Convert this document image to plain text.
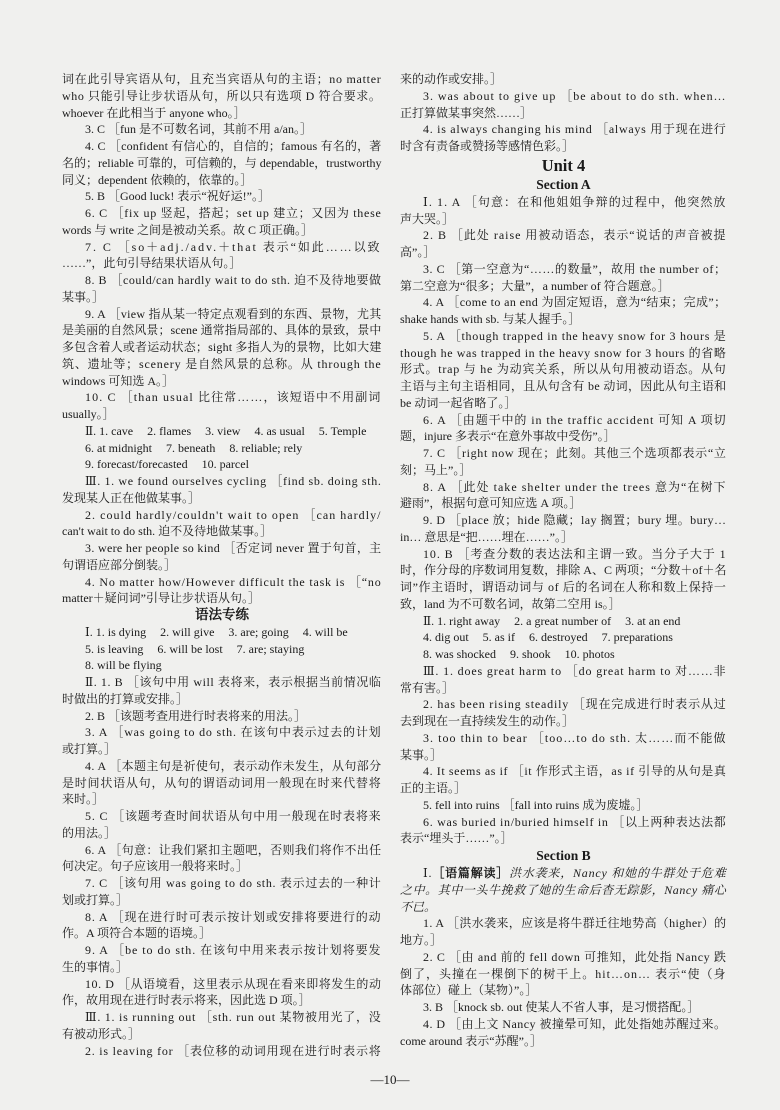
词在此引导宾语从句，且充当宾语从句的主语；no matter
who 只能引导让步状语从句，所以只有选项 D 符合要求。
whoever 在此相当于 anyone who。］
3. C ［fun 是不可数名词，其前不用 a/an。］
4. C ［confident 有信心的，自信的；famous 有名的，著
名的；reliable 可靠的，可信赖的，与 dependable，trustworthy
同义；dependent 依赖的，依靠的。］
5. B ［Good luck! 表示“祝好运!”。］
6. C ［fix up 竖起，搭起；set up 建立；又因为 these
words 与 write 之间是被动关系。故 C 项正确。］
7. C ［so＋adj./adv.＋that 表示“如此……以致
……”，此句引导结果状语从句。］
8. B ［could/can hardly wait to do sth. 迫不及待地要做
某事。］
9. A ［view 指从某一特定点观看到的东西、景物，尤其
是美丽的自然风景；scene 通常指局部的、具体的景致，景中
多包含着人或者运动状态；sight 多指人为的景物，比如大建
筑、遗址等；scenery 是自然风景的总称。从 through the
windows 可知选 A。］
10. C ［than usual 比往常……，该短语中不用副词
usually。］
Ⅱ. 1. cave 2. flames 3. view 4. as usual 5. Temple
6. at midnight 7. beneath 8. reliable; rely
9. forecast/forecasted 10. parcel
Ⅲ. 1. we found ourselves cycling ［find sb. doing sth.
发现某人正在他做某事。］
2. could hardly/couldn't wait to open ［can hardly/
can't wait to do sth. 迫不及待地做某事。］
3. were her people so kind ［否定词 never 置于句首，主
句谓语应部分倒装。］
4. No matter how/However difficult the task is ［“no
matter＋疑问词”引导让步状语从句。］
语法专练
Ⅰ. 1. is dying 2. will give 3. are; going 4. will be
5. is leaving 6. will be lost 7. are; staying
8. will be flying
Ⅱ. 1. B ［该句中用 will 表将来，表示根据当前情况临
时做出的打算或安排。］
2. B ［该题考查用进行时表将来的用法。］
3. A ［was going to do sth. 在该句中表示过去的计划
或打算。］
4. A ［本题主句是祈使句，表示动作未发生，从句部分
是时间状语从句，从句的谓语动词用一般现在时来代替将
来时。］
5. C ［该题考查时间状语从句中用一般现在时表将来
的用法。］
6. A ［句意：让我们紧扣主题吧，否则我们将作不出任
何决定。句子应该用一般将来时。］
7. C ［该句用 was going to do sth. 表示过去的一种计
划或打算。］
8. A ［现在进行时可表示按计划或安排将要进行的动
作。A 项符合本题的语境。］
9. A ［be to do sth. 在该句中用来表示按计划将要发
生的事情。］
10. D ［从语境看，这里表示从现在看来即将发生的动
作，故用现在进行时表示将来，因此选 D 项。］
Ⅲ. 1. is running out ［sth. run out 某物被用光了，没
有被动形式。］
2. is leaving for ［表位移的动词用现在进行时表示将
来的动作或安排。］
3. was about to give up ［be about to do sth. when…
正打算做某事突然……］
4. is always changing his mind ［always 用于现在进行
时含有责备或赞扬等感情色彩。］
Unit 4
Section A
Ⅰ. 1. A ［句意：在和他姐姐争辩的过程中，他突然放
声大哭。］
2. B ［此处 raise 用被动语态，表示“说话的声音被提
高”。］
3. C ［第一空意为“……的数量”，故用 the number of；
第二空意为“很多；大量”，a number of 符合题意。］
4. A ［come to an end 为固定短语，意为“结束；完成”；
shake hands with sb. 与某人握手。］
5. A ［though trapped in the heavy snow for 3 hours 是
though he was trapped in the heavy snow for 3 hours 的省略
形式。trap 与 he 为动宾关系，所以从句用被动语态。从句
主语与主句主语相同，且从句含有 be 动词，因此从句主语和
be 动词一起省略了。］
6. A ［由题干中的 in the traffic accident 可知 A 项切
题，injure 多表示“在意外事故中受伤”。］
7. C ［right now 现在；此刻。其他三个选项都表示“立
刻；马上”。］
8. A ［此处 take shelter under the trees 意为“在树下
避雨”，根据句意可知应选 A 项。］
9. D ［place 放；hide 隐藏；lay 搁置；bury 埋。bury…
in… 意思是“把……埋在……”。］
10. B ［考查分数的表达法和主谓一致。当分子大于 1
时，作分母的序数词用复数，排除 A、C 两项；“分数＋of＋名
词”作主语时，谓语动词与 of 后的名词在人称和数上保持一
致，land 为不可数名词，故第二空用 is。］
Ⅱ. 1. right away 2. a great number of 3. at an end
4. dig out 5. as if 6. destroyed 7. preparations
8. was shocked 9. shook 10. photos
Ⅲ. 1. does great harm to ［do great harm to 对……非
常有害。］
2. has been rising steadily ［现在完成进行时表示从过
去到现在一直持续发生的动作。］
3. too thin to bear ［too…to do sth. 太……而不能做
某事。］
4. It seems as if ［it 作形式主语，as if 引导的从句是真
正的主语。］
5. fell into ruins ［fall into ruins 成为废墟。］
6. was buried in/buried himself in ［以上两种表达法都
表示“埋头于……”。］
Section B
Ⅰ.［语篇解读］洪水袭来，Nancy 和她的牛群处于危难
之中。其中一头牛挽救了她的生命后杳无踪影，Nancy 痛心
不已。
1. A ［洪水袭来，应该是将牛群迁往地势高（higher）的
地方。］
2. C ［由 and 前的 fell down 可推知，此处指 Nancy 跌
倒了，头撞在一棵倒下的树干上。hit…on… 表示“使（身
体部位）碰上（某物）”。］
3. B ［knock sb. out 使某人不省人事，是习惯搭配。］
4. D ［由上文 Nancy 被撞晕可知，此处指她苏醒过来。
come around 表示“苏醒”。］
—10—
